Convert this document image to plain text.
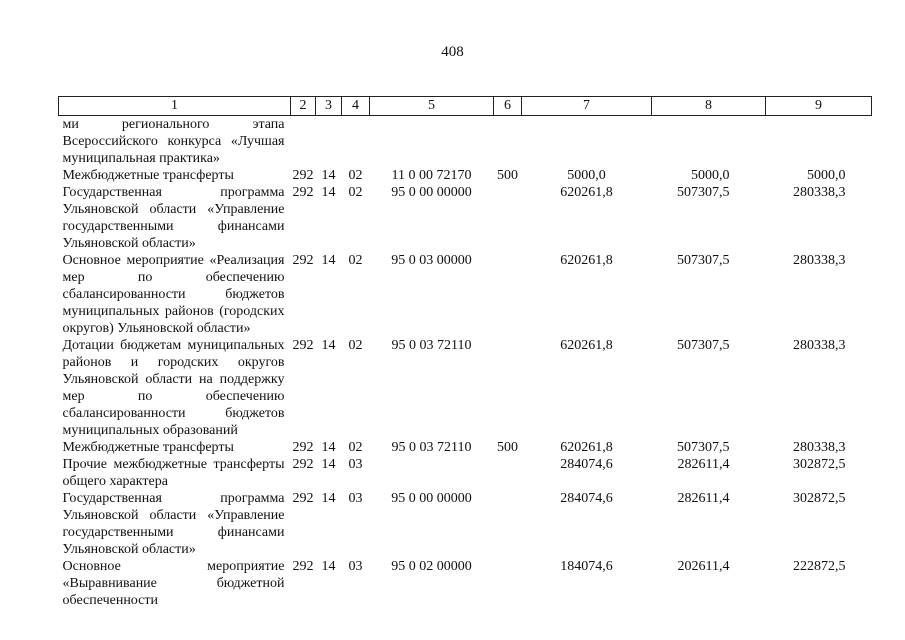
408
1	2	3	4	5	6	7	8	9
ми регионального этапа Всероссийского конкурса «Лучшая муниципальная практика»								
Межбюджетные трансферты	292	14	02	11 0 00 72170	500	5000,0	5000,0	5000,0
Государственная программа Ульяновской области «Управление государственными финансами Ульяновской области»	292	14	02	95 0 00 00000		620261,8	507307,5	280338,3
Основное мероприятие «Реализация мер по обеспечению сбалансированности бюджетов муниципальных районов (городских округов) Ульяновской области»	292	14	02	95 0 03 00000		620261,8	507307,5	280338,3
Дотации бюджетам муниципальных районов и городских округов Ульяновской области на поддержку мер по обеспечению сбалансированности бюджетов муниципальных образований	292	14	02	95 0 03 72110		620261,8	507307,5	280338,3
Межбюджетные трансферты	292	14	02	95 0 03 72110	500	620261,8	507307,5	280338,3
Прочие межбюджетные трансферты общего характера	292	14	03			284074,6	282611,4	302872,5
Государственная программа Ульяновской области «Управление государственными финансами Ульяновской области»	292	14	03	95 0 00 00000		284074,6	282611,4	302872,5
Основное мероприятие «Выравнивание бюджетной обеспеченности	292	14	03	95 0 02 00000		184074,6	202611,4	222872,5
